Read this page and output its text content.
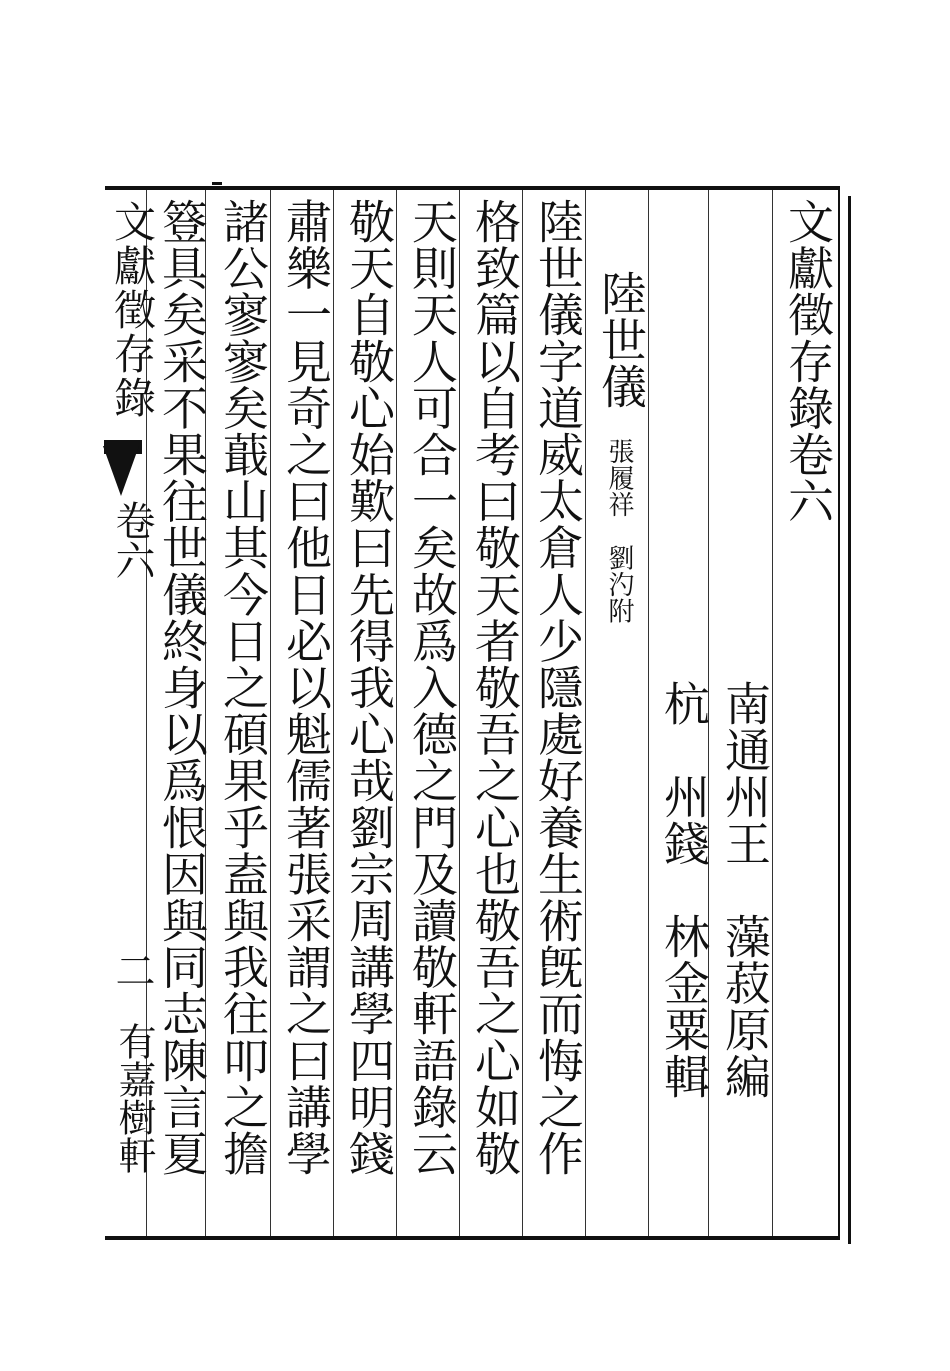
文獻徵存錄卷六
南通州王　藻菽原編
杭　州錢　林金粟輯
陸世儀
張履祥　劉汋附
陸世儀字道威太倉人少隱處好養生術旣而悔之作
格致篇以自考曰敬天者敬吾之心也敬吾之心如敬
天則天人可合一矣故爲入德之門及讀敬軒語錄云
敬天自敬心始歎曰先得我心哉劉宗周講學四明錢
肅樂一見奇之曰他日必以魁儒著張采謂之曰講學
諸公寥寥矣蕺山其今日之碩果乎盍與我往叩之擔
簦具矣采不果往世儀終身以爲恨因與同志陳言夏
文獻徵存錄
卷六
二
有嘉樹軒
